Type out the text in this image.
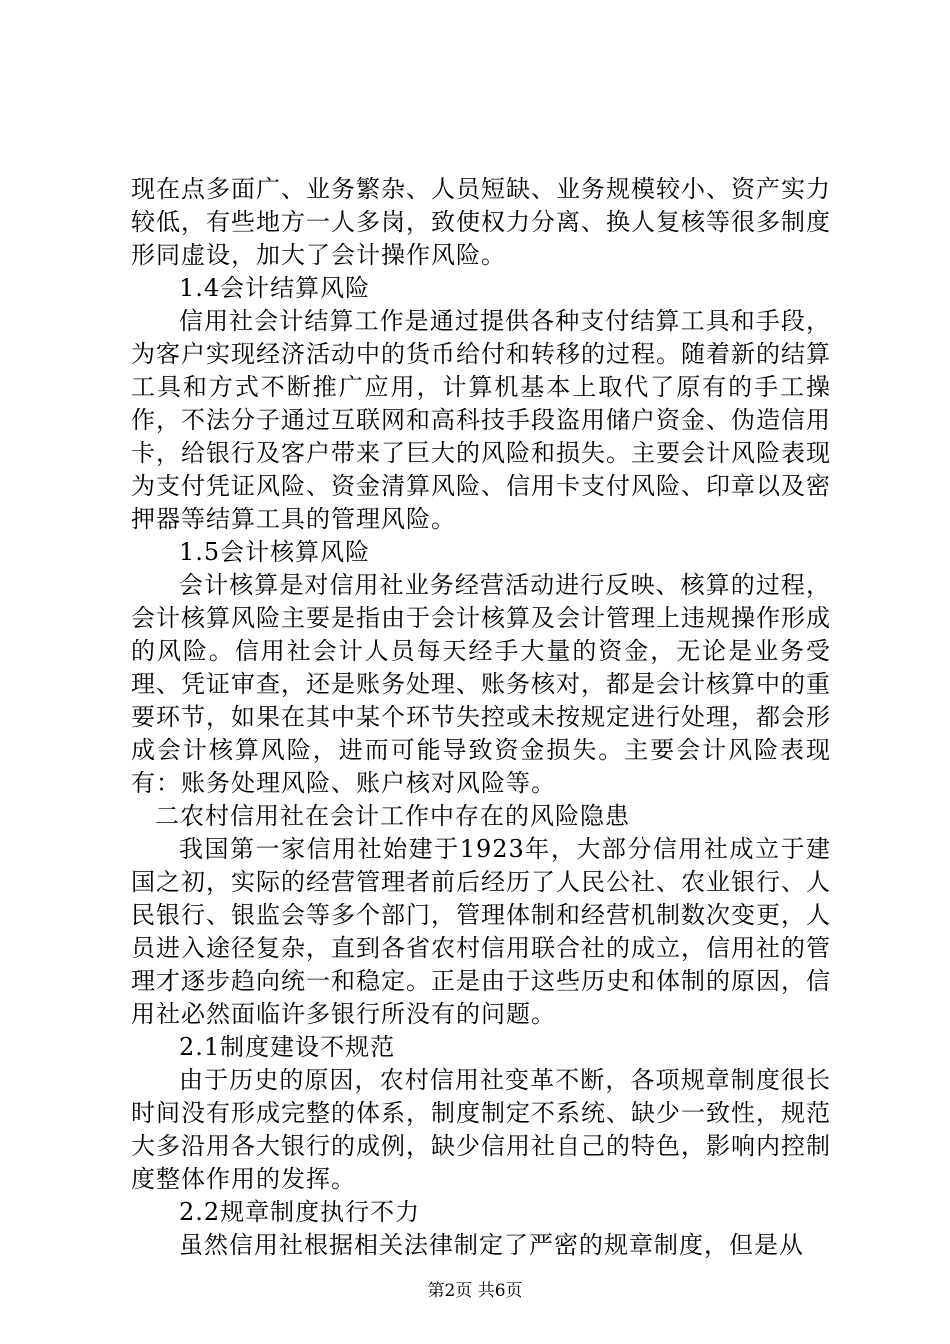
现在点多面广、业务繁杂、人员短缺、业务规模较小、资产实力较低，有些地方一人多岗，致使权力分离、换人复核等很多制度形同虚设，加大了会计操作风险。

1.4会计结算风险

信用社会计结算工作是通过提供各种支付结算工具和手段，为客户实现经济活动中的货币给付和转移的过程。随着新的结算工具和方式不断推广应用，计算机基本上取代了原有的手工操作，不法分子通过互联网和高科技手段盗用储户资金、伪造信用卡，给银行及客户带来了巨大的风险和损失。主要会计风险表现为支付凭证风险、资金清算风险、信用卡支付风险、印章以及密押器等结算工具的管理风险。

1.5会计核算风险

会计核算是对信用社业务经营活动进行反映、核算的过程，会计核算风险主要是指由于会计核算及会计管理上违规操作形成的风险。信用社会计人员每天经手大量的资金，无论是业务受理、凭证审查，还是账务处理、账务核对，都是会计核算中的重要环节，如果在其中某个环节失控或未按规定进行处理，都会形成会计核算风险，进而可能导致资金损失。主要会计风险表现有：账务处理风险、账户核对风险等。

二农村信用社在会计工作中存在的风险隐患

我国第一家信用社始建于1923年，大部分信用社成立于建国之初，实际的经营管理者前后经历了人民公社、农业银行、人民银行、银监会等多个部门，管理体制和经营机制数次变更，人员进入途径复杂，直到各省农村信用联合社的成立，信用社的管理才逐步趋向统一和稳定。正是由于这些历史和体制的原因，信用社必然面临许多银行所没有的问题。

2.1制度建设不规范

由于历史的原因，农村信用社变革不断，各项规章制度很长时间没有形成完整的体系，制度制定不系统、缺少一致性，规范大多沿用各大银行的成例，缺少信用社自己的特色，影响内控制度整体作用的发挥。

2.2规章制度执行不力

虽然信用社根据相关法律制定了严密的规章制度，但是从

第2页 共6页
